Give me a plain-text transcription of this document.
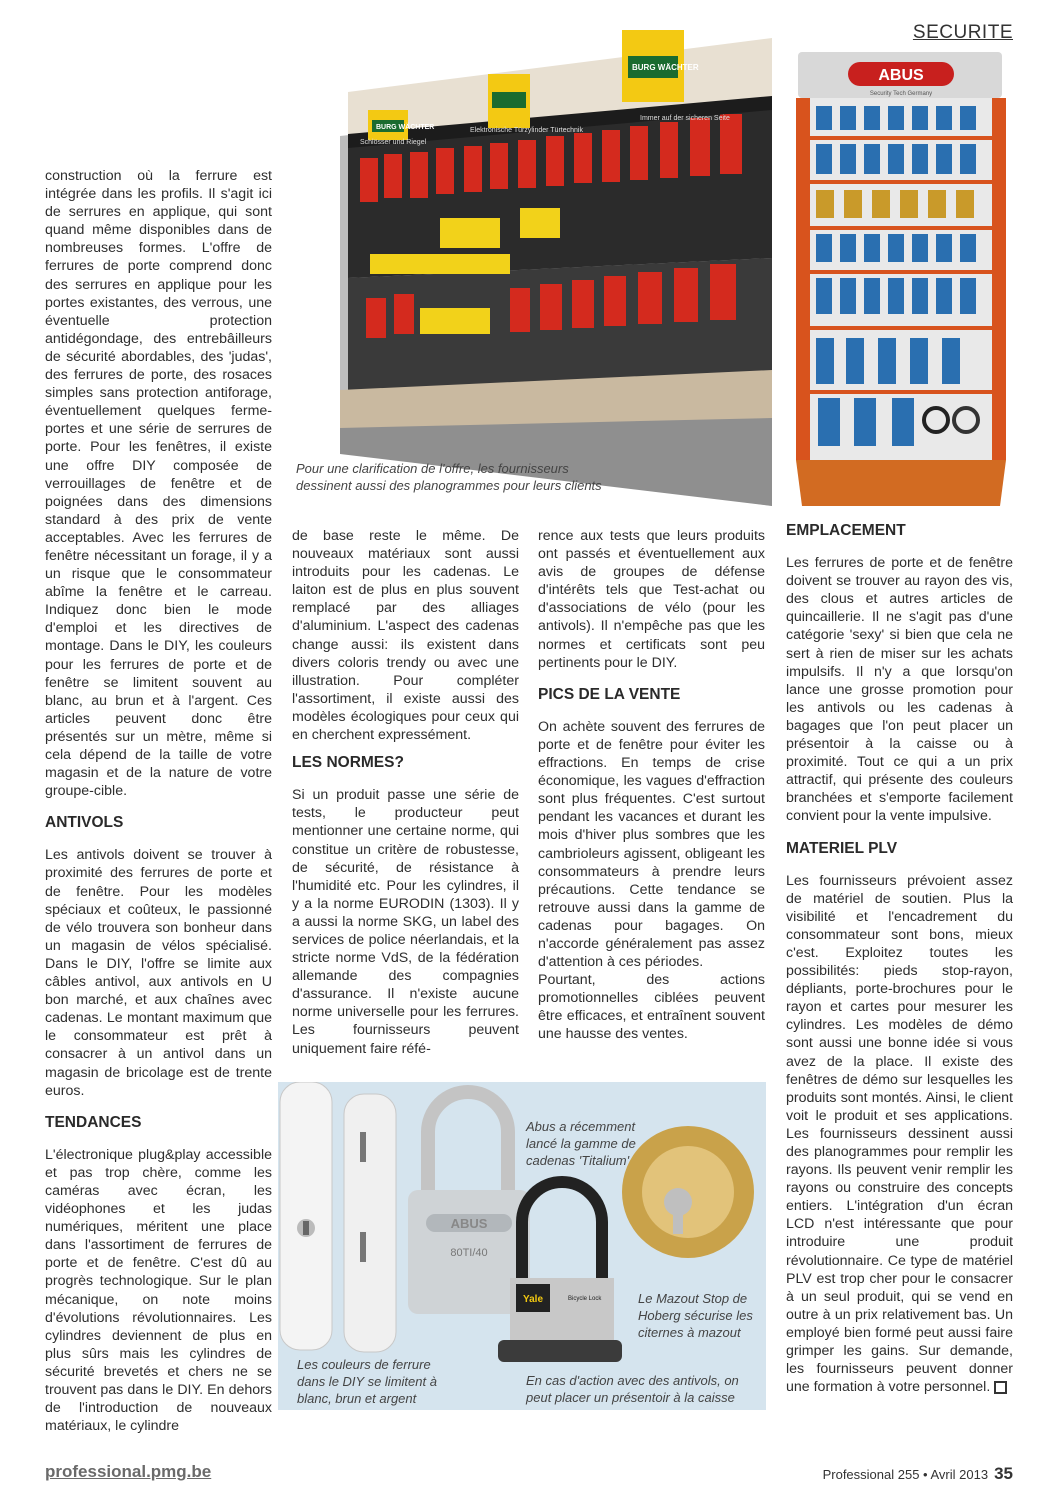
SECURITE
BURG WÄCHTER
BURG WÄCHTER
Schlösser und Riegel
Elektronische Türzylinder Türtechnik
Immer auf der sicheren Seite
Pour une clarification de l'offre, les fournisseurs dessinent aussi des planogrammes pour leurs clients
ABUS
Security Tech Germany

construction où la ferrure est intégrée dans les profils. Il s'agit ici de serrures en applique, qui sont quand même disponibles dans de nombreuses formes. L'offre de ferrures de porte comprend donc des serrures en applique pour les portes existantes, des verrous, une éventuelle protection antidégondage, des entrebâilleurs de sécurité abordables, des 'judas', des ferrures de porte, des rosaces simples sans protection antiforage, éventuellement quelques ferme-portes et une série de serrures de porte. Pour les fenêtres, il existe une offre DIY composée de verrouillages de fenêtre et de poignées dans des dimensions standard à des prix de vente acceptables. Avec les ferrures de fenêtre nécessitant un forage, il y a un risque que le consommateur abîme la fenêtre et le carreau. Indiquez donc bien le mode d'emploi et les directives de montage. Dans le DIY, les couleurs pour les ferrures de porte et de fenêtre se limitent souvent au blanc, au brun et à l'argent. Ces articles peuvent donc être présentés sur un mètre, même si cela dépend de la taille de votre magasin et de la nature de votre groupe-cible.

ANTIVOLS

Les antivols doivent se trouver à proximité des ferrures de porte et de fenêtre. Pour les modèles spéciaux et coûteux, le passionné de vélo trouvera son bonheur dans un magasin de vélos spécialisé. Dans le DIY, l'offre se limite aux câbles antivol, aux antivols en U bon marché, et aux chaînes avec cadenas. Le montant maximum que le consommateur est prêt à consacrer à un antivol dans un magasin de bricolage est de trente euros.

TENDANCES

L'électronique plug&play accessible et pas trop chère, comme les caméras avec écran, les vidéophones et les judas numériques, méritent une place dans l'assortiment de ferrures de porte et de fenêtre. C'est dû au progrès technologique. Sur le plan mécanique, on note moins d'évolutions révolutionnaires. Les cylindres deviennent de plus en plus sûrs mais les cylindres de sécurité brevetés et chers ne se trouvent pas dans le DIY. En dehors de l'introduction de nouveaux matériaux, le cylindre

de base reste le même. De nouveaux matériaux sont aussi introduits pour les cadenas. Le laiton est de plus en plus souvent remplacé par des alliages d'aluminium. L'aspect des cadenas change aussi: ils existent dans divers coloris trendy ou avec une illustration. Pour compléter l'assortiment, il existe aussi des modèles écologiques pour ceux qui en cherchent expressément.

LES NORMES?

Si un produit passe une série de tests, le producteur peut mentionner une certaine norme, qui constitue un critère de robustesse, de sécurité, de résistance à l'humidité etc. Pour les cylindres, il y a la norme EURODIN (1303). Il y a aussi la norme SKG, un label des services de police néerlandais, et la stricte norme VdS, de la fédération allemande des compagnies d'assurance. Il n'existe aucune norme universelle pour les ferrures. Les fournisseurs peuvent uniquement faire réfé-

rence aux tests que leurs produits ont passés et éventuellement aux avis de groupes de défense d'intérêts tels que Test-achat ou d'associations de vélo (pour les antivols). Il n'empêche pas que les normes et certificats sont peu pertinents pour le DIY.

PICS DE LA VENTE

On achète souvent des ferrures de porte et de fenêtre pour éviter les effractions. En temps de crise économique, les vagues d'effraction sont plus fréquentes. C'est surtout pendant les vacances et durant les mois d'hiver plus sombres que les cambrioleurs agissent, obligeant les consommateurs à prendre leurs précautions. Cette tendance se retrouve aussi dans la gamme de cadenas pour bagages. On n'accorde généralement pas assez d'attention à ces périodes.

Pourtant, des actions promotionnelles ciblées peuvent être efficaces, et entraînent souvent une hausse des ventes.

EMPLACEMENT

Les ferrures de porte et de fenêtre doivent se trouver au rayon des vis, des clous et autres articles de quincaillerie. Il ne s'agit pas d'une catégorie 'sexy' si bien que cela ne sert à rien de miser sur les achats impulsifs. Il n'y a que lorsqu'on lance une grosse promotion pour les antivols ou les cadenas à bagages que l'on peut placer un présentoir à la caisse ou à proximité. Tout ce qui a un prix attractif, qui présente des couleurs branchées et s'emporte facilement convient pour la vente impulsive.

MATERIEL PLV

Les fournisseurs prévoient assez de matériel de soutien. Plus la visibilité et l'encadrement du consommateur sont bons, mieux c'est. Exploitez toutes les possibilités: pieds stop-rayon, dépliants, porte-brochures pour le rayon et cartes pour mesurer les cylindres. Les modèles de démo sont aussi une bonne idée si vous avez de la place. Il existe des fenêtres de démo sur lesquelles les produits sont montés. Ainsi, le client voit le produit et ses applications. Les fournisseurs dessinent aussi des planogrammes pour remplir les rayons. Ils peuvent venir remplir les rayons ou construire des concepts entiers. L'intégration d'un écran LCD n'est intéressante que pour introduire une produit révolutionnaire. Ce type de matériel PLV est trop cher pour le consacrer à un seul produit, qui se vend en outre à un prix relativement bas. Un employé bien formé peut aussi faire grimper les gains. Sur demande, les fournisseurs peuvent donner une formation à votre personnel.

ABUS
80TI/40
Yale	Bicycle Lock
Abus a récemment lancé la gamme de cadenas 'Titalium'
Le Mazout Stop de Hoberg sécurise les citernes à mazout
Les couleurs de ferrure dans le DIY se limitent à blanc, brun et argent
En cas d'action avec des antivols, on peut placer un présentoir à la caisse
professional.pmg.be	Professional 255 • Avril 2013 35
